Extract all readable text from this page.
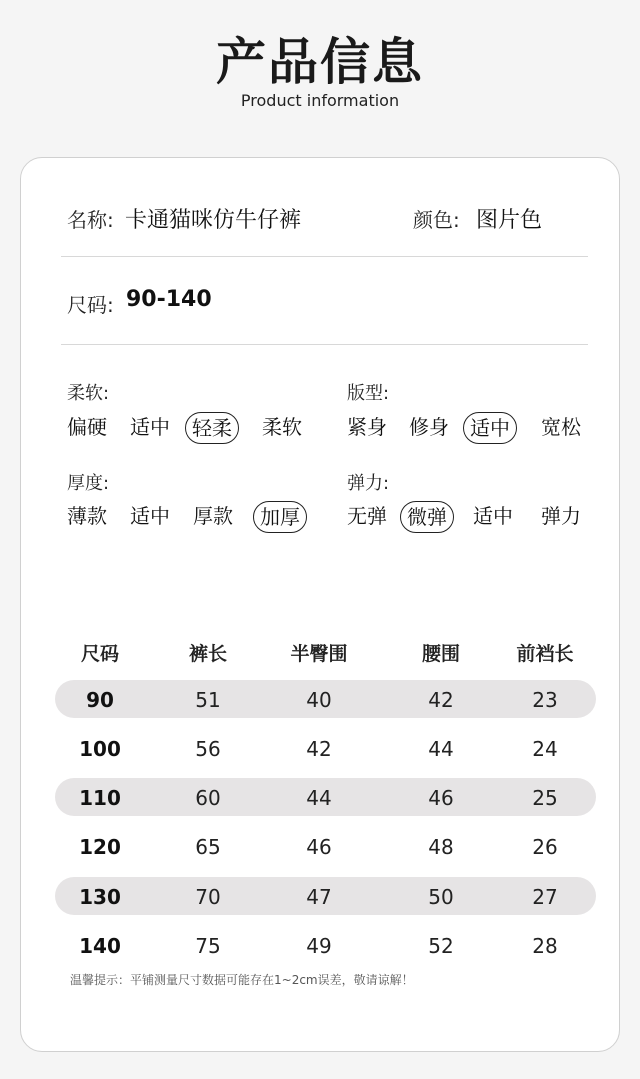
产品信息
Product information
名称: 卡通猫咪仿牛仔裤	颜色: 图片色
尺码: 90-140
柔软:
偏硬	适中	轻柔	柔软
版型:
紧身	修身	适中	宽松
厚度:
薄款	适中	厚款	加厚
弹力:
无弹	微弹	适中	弹力
尺码	裤长	半臀围	腰围	前裆长
90	51	40	42	23
100	56	42	44	24
110	60	44	46	25
120	65	46	48	26
130	70	47	50	27
140	75	49	52	28
温馨提示：平铺测量尺寸数据可能存在1~2cm误差，敬请谅解！
